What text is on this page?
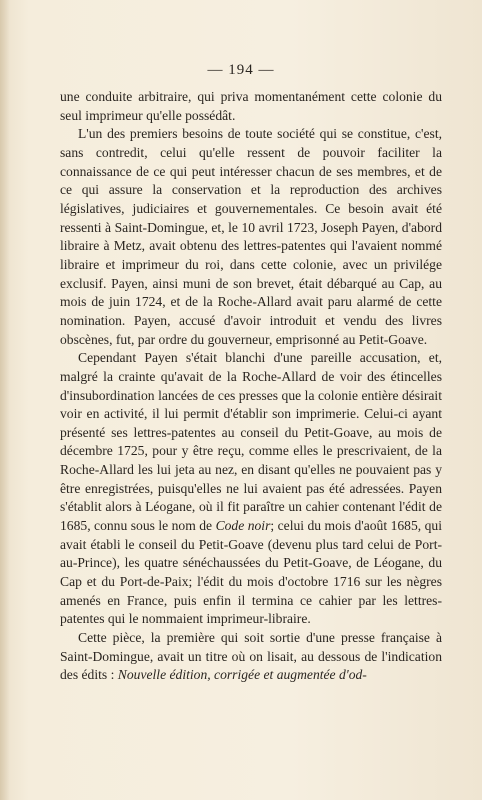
— 194 —

une conduite arbitraire, qui priva momentanément cette colonie du seul imprimeur qu'elle possédât.

L'un des premiers besoins de toute société qui se constitue, c'est, sans contredit, celui qu'elle ressent de pouvoir faciliter la connaissance de ce qui peut intéresser chacun de ses membres, et de ce qui assure la conservation et la reproduction des archives législatives, judiciaires et gouvernementales. Ce besoin avait été ressenti à Saint-Domingue, et, le 10 avril 1723, Joseph Payen, d'abord libraire à Metz, avait obtenu des lettres-patentes qui l'avaient nommé libraire et imprimeur du roi, dans cette colonie, avec un privilége exclusif. Payen, ainsi muni de son brevet, était débarqué au Cap, au mois de juin 1724, et de la Roche-Allard avait paru alarmé de cette nomination. Payen, accusé d'avoir introduit et vendu des livres obscènes, fut, par ordre du gouverneur, emprisonné au Petit-Goave.

Cependant Payen s'était blanchi d'une pareille accusation, et, malgré la crainte qu'avait de la Roche-Allard de voir des étincelles d'insubordination lancées de ces presses que la colonie entière désirait voir en activité, il lui permit d'établir son imprimerie. Celui-ci ayant présenté ses lettres-patentes au conseil du Petit-Goave, au mois de décembre 1725, pour y être reçu, comme elles le prescrivaient, de la Roche-Allard les lui jeta au nez, en disant qu'elles ne pouvaient pas y être enregistrées, puisqu'elles ne lui avaient pas été adressées. Payen s'établit alors à Léogane, où il fit paraître un cahier contenant l'édit de 1685, connu sous le nom de Code noir; celui du mois d'août 1685, qui avait établi le conseil du Petit-Goave (devenu plus tard celui de Port-au-Prince), les quatre sénéchaussées du Petit-Goave, de Léogane, du Cap et du Port-de-Paix; l'édit du mois d'octobre 1716 sur les nègres amenés en France, puis enfin il termina ce cahier par les lettres-patentes qui le nommaient imprimeur-libraire.

Cette pièce, la première qui soit sortie d'une presse française à Saint-Domingue, avait un titre où on lisait, au dessous de l'indication des édits : Nouvelle édition, corrigée et augmentée d'od-
